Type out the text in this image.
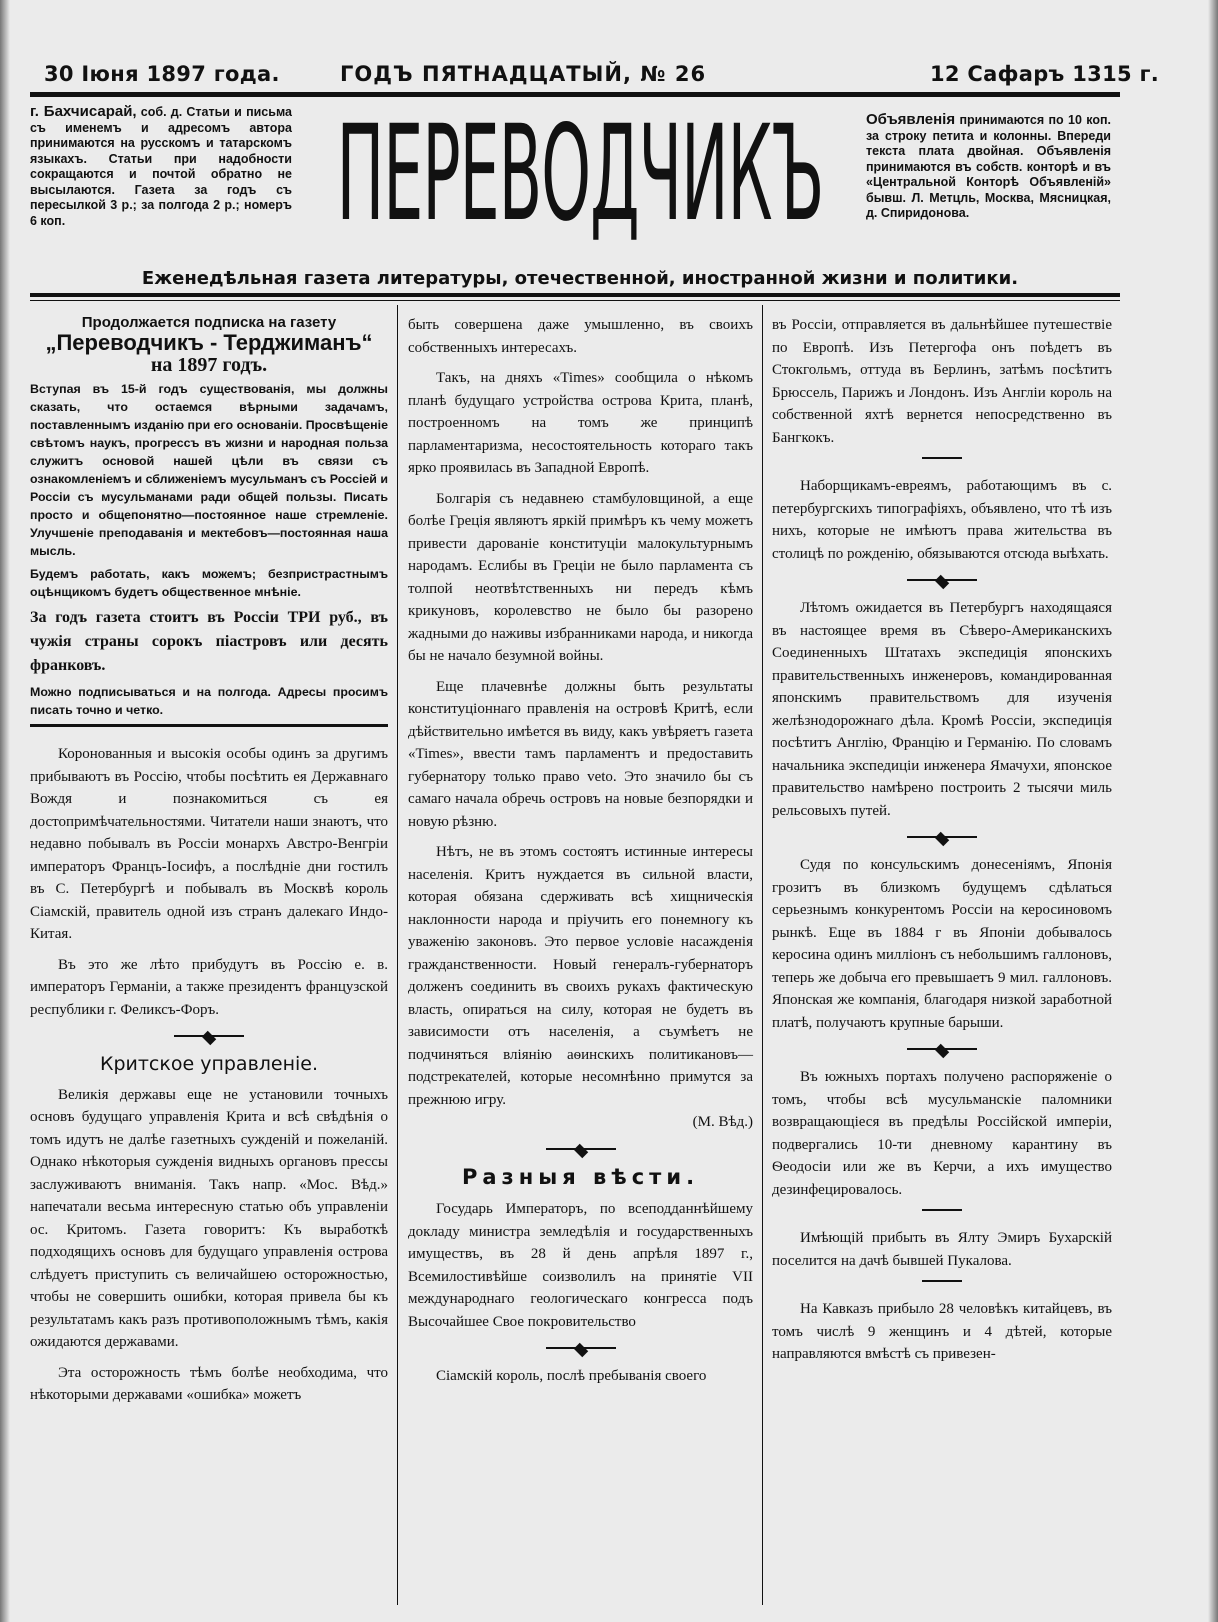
30 Іюня 1897 года.	ГОДЪ ПЯТНАДЦАТЫЙ, № 26	12 Сафаръ 1315 г.
г. Бахчисарай, соб. д. Статьи и письма съ именемъ и адресомъ автора принимаются на русскомъ и татарскомъ языкахъ. Статьи при надобности сокращаются и почтой обратно не высылаются. Газета за годъ съ пересылкой 3 р.; за полгода 2 р.; номеръ 6 коп.	ПЕРЕВОДЧИКЪ	Объявленія принимаются по 10 коп. за строку петита и колонны. Впереди текста плата двойная. Объявленія принимаются въ собств. конторѣ и въ «Центральной Конторѣ Объявленій» бывш. Л. Метцль, Москва, Мясницкая, д. Спиридонова.
Еженедѣльная газета литературы, отечественной, иностранной жизни и политики.
Продолжается подписка на газету
„Переводчикъ - Терджиманъ“
на 1897 годъ.

Вступая въ 15-й годъ существованія, мы должны сказать, что остаемся вѣрными задачамъ, поставленнымъ изданію при его основаніи. Просвѣщеніе свѣтомъ наукъ, прогрессъ въ жизни и народная польза служитъ основой нашей цѣли въ связи съ ознакомленіемъ и сближеніемъ мусульманъ съ Россіей и Россіи съ мусульманами ради общей пользы. Писать просто и общепонятно—постоянное наше стремленіе. Улучшеніе преподаванія и мектебовъ—постоянная наша мысль.

Будемъ работать, какъ можемъ; безпристрастнымъ оцѣнщикомъ будетъ общественное мнѣніе.

За годъ газета стоитъ въ Россіи ТРИ руб., въ чужія страны сорокъ піастровъ или десять франковъ.

Можно подписываться и на полгода. Адресы просимъ писать точно и четко.

Коронованныя и высокія особы одинъ за другимъ прибываютъ въ Россію, чтобы посѣтить ея Державнаго Вождя и познакомиться съ ея достопримѣчательностями. Читатели наши знаютъ, что недавно побывалъ въ Россіи монархъ Австро-Венгріи императоръ Францъ-Іосифъ, а послѣдніе дни гостилъ въ С. Петербургѣ и побывалъ въ Москвѣ король Сіамскій, правитель одной изъ странъ далекаго Индо-Китая.

Въ это же лѣто прибудутъ въ Россію е. в. императоръ Германіи, а также президентъ французской республики г. Феликсъ-Форъ.

Критское управленіе.

Великія державы еще не установили точныхъ основъ будущаго управленія Крита и всѣ свѣдѣнія о томъ идутъ не далѣе газетныхъ сужденій и пожеланій. Однако нѣкоторыя сужденія видныхъ органовъ прессы заслуживаютъ вниманія. Такъ напр. «Мос. Вѣд.» напечатали весьма интересную статью объ управленіи ос. Критомъ. Газета говоритъ: Къ выработкѣ подходящихъ основъ для будущаго управленія острова слѣдуетъ приступить съ величайшею осторожностью, чтобы не совершить ошибки, которая привела бы къ результатамъ какъ разъ противоположнымъ тѣмъ, какія ожидаются державами.

Эта осторожность тѣмъ болѣе необходима, что нѣкоторыми державами «ошибка» можетъ

быть совершена даже умышленно, въ своихъ собственныхъ интересахъ.

Такъ, на дняхъ «Times» сообщила о нѣкомъ планѣ будущаго устройства острова Крита, планѣ, построенномъ на томъ же принципѣ парламентаризма, несостоятельность котораго такъ ярко проявилась въ Западной Европѣ.

Болгарія съ недавнею стамбуловщиной, а еще болѣе Греція являютъ яркій примѣръ къ чему можетъ привести дарованіе конституціи малокультурнымъ народамъ. Еслибы въ Греціи не было парламента съ толпой неотвѣтственныхъ ни передъ кѣмъ крикуновъ, королевство не было бы разорено жадными до наживы избранниками народа, и никогда бы не начало безумной войны.

Еще плачевнѣе должны быть результаты конституціоннаго правленія на островѣ Критѣ, если дѣйствительно имѣется въ виду, какъ увѣряетъ газета «Times», ввести тамъ парламентъ и предоставить губернатору только право veto. Это значило бы съ самаго начала обречь островъ на новые безпорядки и новую рѣзню.

Нѣтъ, не въ этомъ состоятъ истинные интересы населенія. Критъ нуждается въ сильной власти, которая обязана сдерживать всѣ хищническія наклонности народа и пріучить его понемногу къ уваженію законовъ. Это первое условіе насажденія гражданственности. Новый генералъ-губернаторъ долженъ соединить въ своихъ рукахъ фактическую власть, опираться на силу, которая не будетъ въ зависимости отъ населенія, а съумѣетъ не подчиняться вліянію аѳинскихъ политикановъ—подстрекателей, которые несомнѣнно примутся за прежнюю игру.

(М. Вѣд.)
Разныя вѣсти.

Государь Императоръ, по всеподданнѣйшему докладу министра земледѣлія и государственныхъ имуществъ, въ 28 й день апрѣля 1897 г., Всемилостивѣйше соизволилъ на принятіе VII международнаго геологическаго конгресса подъ Высочайшее Свое покровительство

Сіамскій король, послѣ пребыванія своего

въ Россіи, отправляется въ дальнѣйшее путешествіе по Европѣ. Изъ Петергофа онъ поѣдетъ въ Стокгольмъ, оттуда въ Берлинъ, затѣмъ посѣтитъ Брюссель, Парижъ и Лондонъ. Изъ Англіи король на собственной яхтѣ вернется непосредственно въ Бангкокъ.

Наборщикамъ-евреямъ, работающимъ въ с. петербургскихъ типографіяхъ, объявлено, что тѣ изъ нихъ, которые не имѣютъ права жительства въ столицѣ по рожденію, обязываются отсюда выѣхать.

Лѣтомъ ожидается въ Петербургъ находящаяся въ настоящее время въ Сѣверо-Американскихъ Соединенныхъ Штатахъ экспедиція японскихъ правительственныхъ инженеровъ, командированная японскимъ правительствомъ для изученія желѣзнодорожнаго дѣла. Кромѣ Россіи, экспедиція посѣтитъ Англію, Францію и Германію. По словамъ начальника экспедиціи инженера Ямачухи, японское правительство намѣрено построить 2 тысячи миль рельсовыхъ путей.

Судя по консульскимъ донесеніямъ, Японія грозитъ въ близкомъ будущемъ сдѣлаться серьезнымъ конкурентомъ Россіи на керосиновомъ рынкѣ. Еще въ 1884 г въ Японіи добывалось керосина одинъ милліонъ съ небольшимъ галлоновъ, теперь же добыча его превышаетъ 9 мил. галлоновъ. Японская же компанія, благодаря низкой заработной платѣ, получаютъ крупные барыши.

Въ южныхъ портахъ получено распоряженіе о томъ, чтобы всѣ мусульманскіе паломники возвращающіеся въ предѣлы Россійской имперіи, подвергались 10-ти дневному карантину въ Ѳеодосіи или же въ Керчи, а ихъ имущество дезинфецировалось.

Имѣющій прибыть въ Ялту Эмиръ Бухарскій поселится на дачѣ бывшей Пукалова.

На Кавказъ прибыло 28 человѣкъ китайцевъ, въ томъ числѣ 9 женщинъ и 4 дѣтей, которые направляются вмѣстѣ съ привезен-
